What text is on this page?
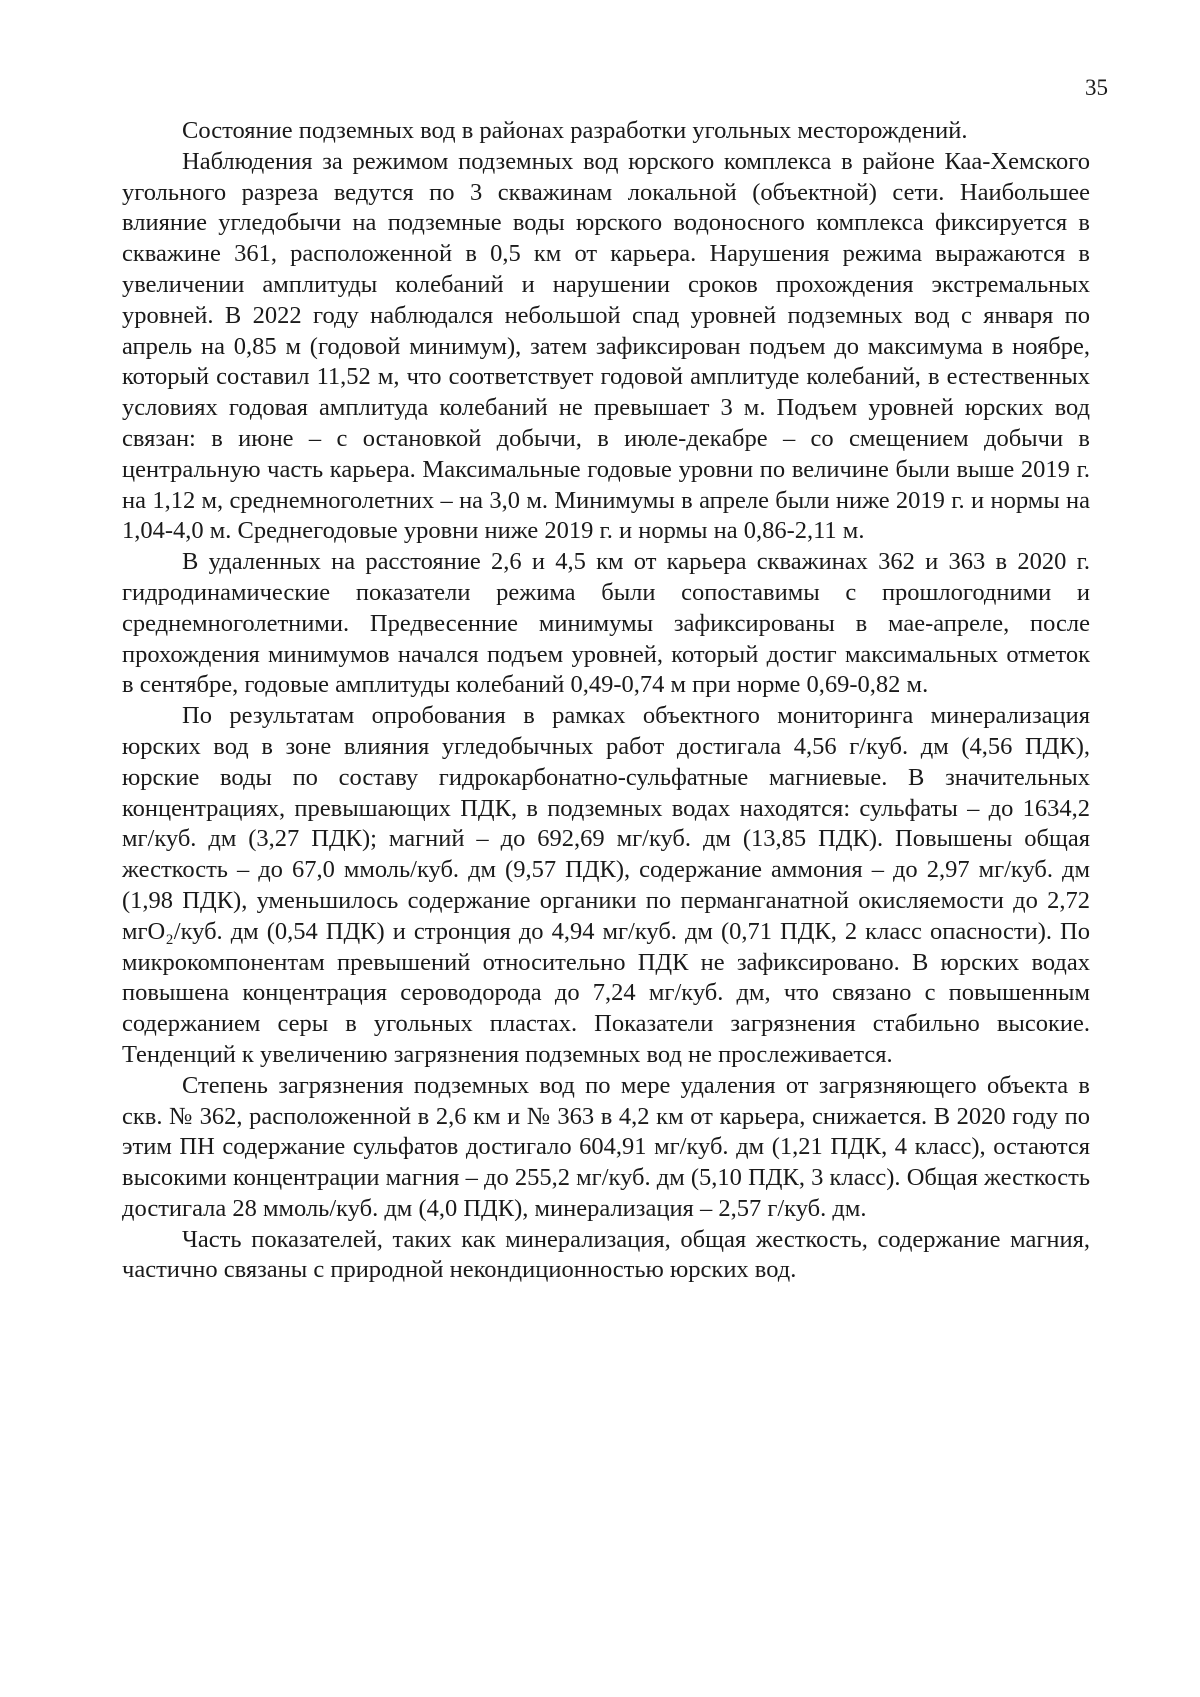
35

Состояние подземных вод в районах разработки угольных месторождений.

Наблюдения за режимом подземных вод юрского комплекса в районе Каа-Хемского угольного разреза ведутся по 3 скважинам локальной (объектной) сети. Наибольшее влияние угледобычи на подземные воды юрского водоносного комплекса фиксируется в скважине 361, расположенной в 0,5 км от карьера. Нарушения режима выражаются в увеличении амплитуды колебаний и нарушении сроков прохождения экстремальных уровней. В 2022 году наблюдался небольшой спад уровней подземных вод с января по апрель на 0,85 м (годовой минимум), затем зафиксирован подъем до максимума в ноябре, который составил 11,52 м, что соответствует годовой амплитуде колебаний, в естественных условиях годовая амплитуда колебаний не превышает 3 м. Подъем уровней юрских вод связан: в июне – с остановкой добычи, в июле-декабре – со смещением добычи в центральную часть карьера. Максимальные годовые уровни по величине были выше 2019 г. на 1,12 м, среднемноголетних – на 3,0 м. Минимумы в апреле были ниже 2019 г. и нормы на 1,04-4,0 м. Среднегодовые уровни ниже 2019 г. и нормы на 0,86-2,11 м.

В удаленных на расстояние 2,6 и 4,5 км от карьера скважинах 362 и 363 в 2020 г. гидродинамические показатели режима были сопоставимы с прошлогодними и среднемноголетними. Предвесенние минимумы зафиксированы в мае-апреле, после прохождения минимумов начался подъем уровней, который достиг максимальных отметок в сентябре, годовые амплитуды колебаний 0,49-0,74 м при норме 0,69-0,82 м.

По результатам опробования в рамках объектного мониторинга минерализация юрских вод в зоне влияния угледобычных работ достигала 4,56 г/куб. дм (4,56 ПДК), юрские воды по составу гидрокарбонатно-сульфатные магниевые. В значительных концентрациях, превышающих ПДК, в подземных водах находятся: сульфаты – до 1634,2 мг/куб. дм (3,27 ПДК); магний – до 692,69 мг/куб. дм (13,85 ПДК). Повышены общая жесткость – до 67,0 ммоль/куб. дм (9,57 ПДК), содержание аммония – до 2,97 мг/куб. дм (1,98 ПДК), уменьшилось содержание органики по перманганатной окисляемости до 2,72 мгО₂/куб. дм (0,54 ПДК) и стронция до 4,94 мг/куб. дм (0,71 ПДК, 2 класс опасности). По микрокомпонентам превышений относительно ПДК не зафиксировано. В юрских водах повышена концентрация сероводорода до 7,24 мг/куб. дм, что связано с повышенным содержанием серы в угольных пластах. Показатели загрязнения стабильно высокие. Тенденций к увеличению загрязнения подземных вод не прослеживается.

Степень загрязнения подземных вод по мере удаления от загрязняющего объекта в скв. № 362, расположенной в 2,6 км и № 363 в 4,2 км от карьера, снижается. В 2020 году по этим ПН содержание сульфатов достигало 604,91 мг/куб. дм (1,21 ПДК, 4 класс), остаются высокими концентрации магния – до 255,2 мг/куб. дм (5,10 ПДК, 3 класс). Общая жесткость достигала 28 ммоль/куб. дм (4,0 ПДК), минерализация – 2,57 г/куб. дм.

Часть показателей, таких как минерализация, общая жесткость, содержание магния, частично связаны с природной некондиционностью юрских вод.
